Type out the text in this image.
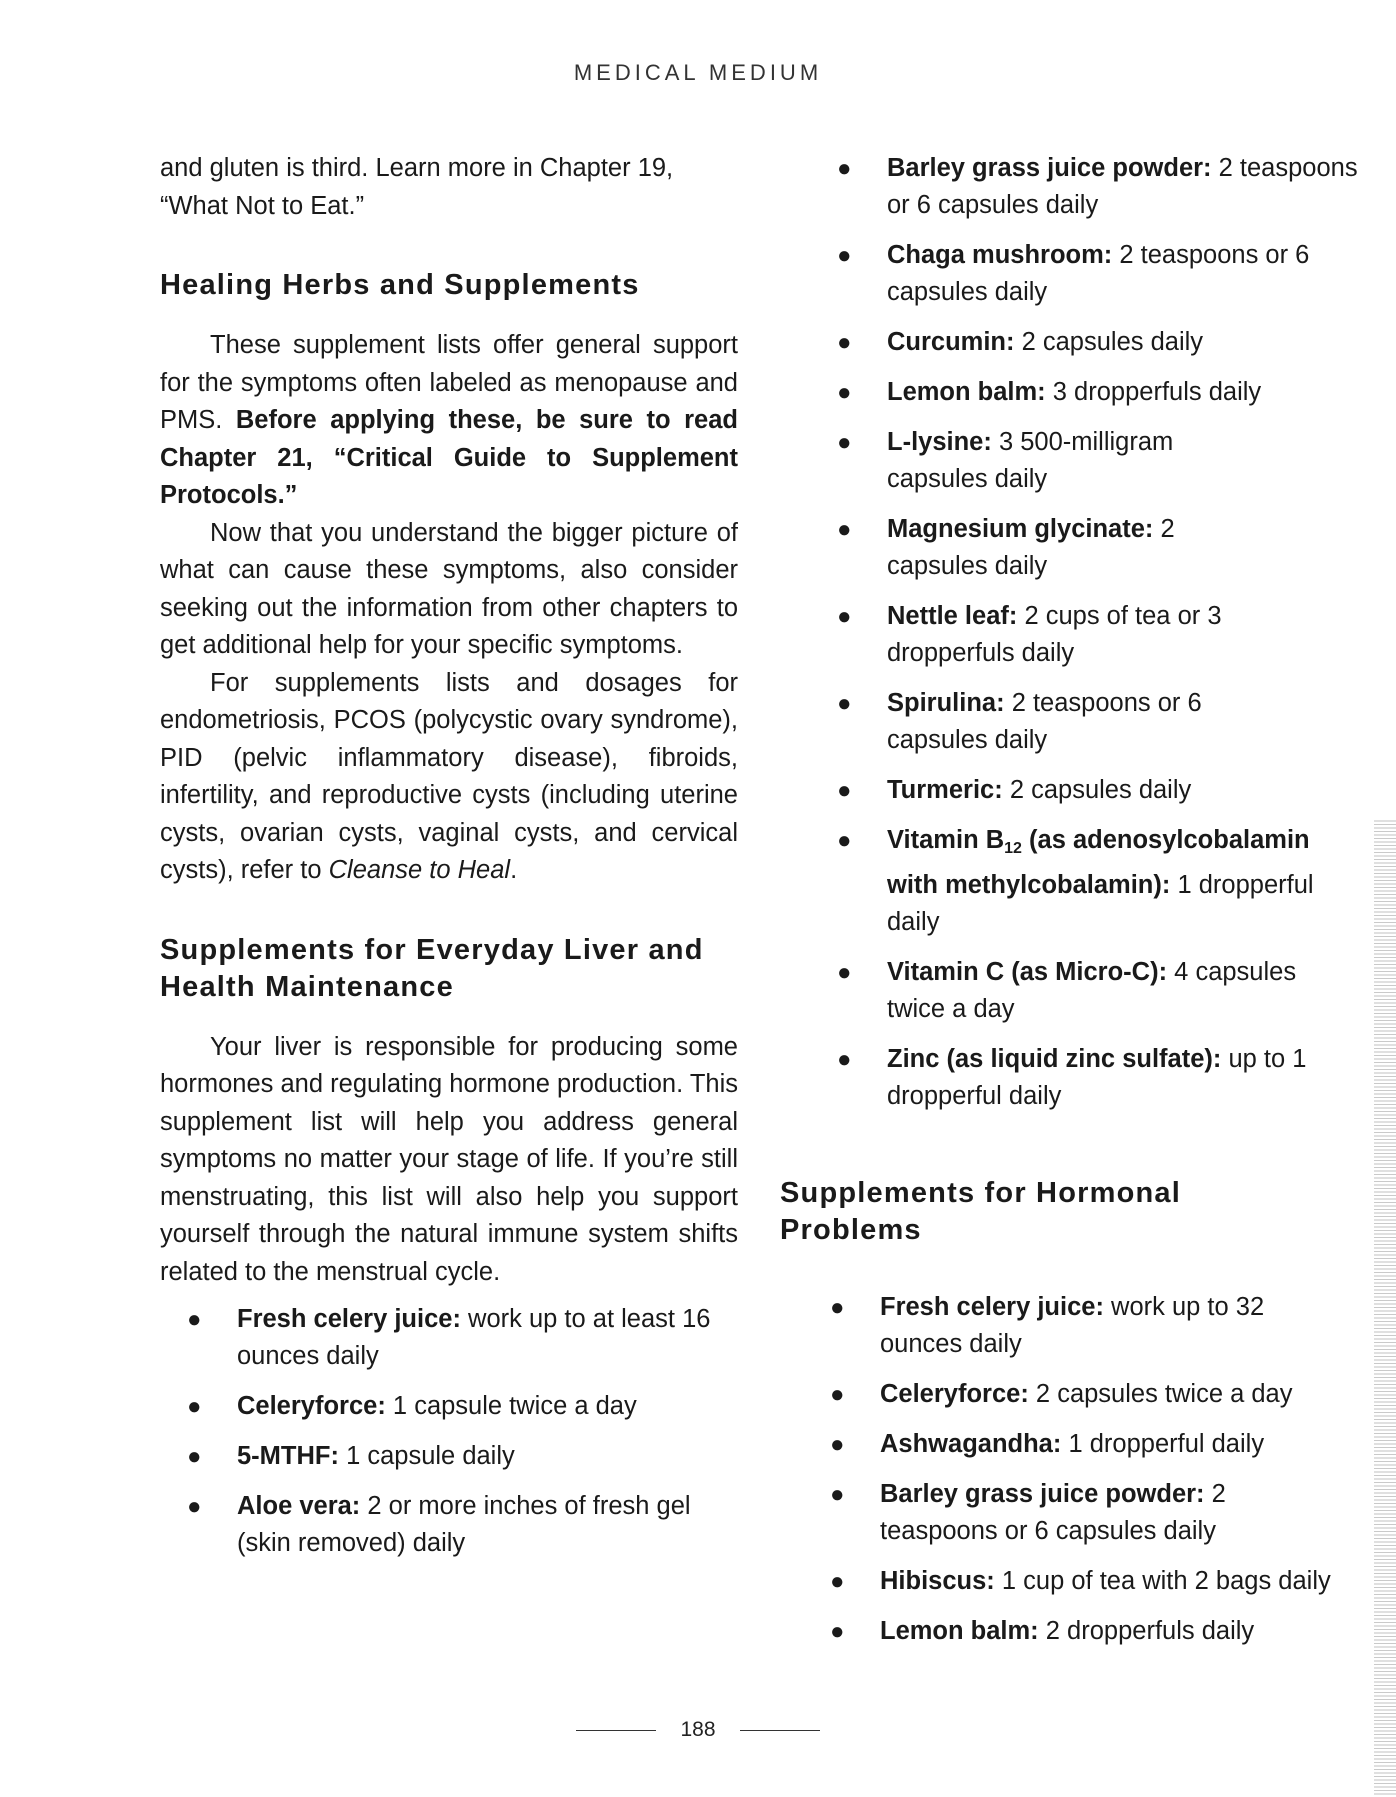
MEDICAL MEDIUM

and gluten is third. Learn more in Chapter 19, “What Not to Eat.”

Healing Herbs and Supplements

These supplement lists offer general support for the symptoms often labeled as menopause and PMS. Before applying these, be sure to read Chapter 21, “Critical Guide to Supplement Protocols.”

Now that you understand the bigger picture of what can cause these symptoms, also consider seeking out the information from other chapters to get additional help for your specific symptoms.

For supplements lists and dosages for endometriosis, PCOS (polycystic ovary syndrome), PID (pelvic inflammatory disease), fibroids, infertility, and reproductive cysts (including uterine cysts, ovarian cysts, vaginal cysts, and cervical cysts), refer to Cleanse to Heal.

Supplements for Everyday Liver and Health Maintenance

Your liver is responsible for producing some hormones and regulating hormone production. This supplement list will help you address general symptoms no matter your stage of life. If you’re still menstruating, this list will also help you support yourself through the natural immune system shifts related to the menstrual cycle.

● Fresh celery juice: work up to at least 16 ounces daily
● Celeryforce: 1 capsule twice a day
● 5-MTHF: 1 capsule daily
● Aloe vera: 2 or more inches of fresh gel (skin removed) daily
● Barley grass juice powder: 2 teaspoons or 6 capsules daily
● Chaga mushroom: 2 teaspoons or 6 capsules daily
● Curcumin: 2 capsules daily
● Lemon balm: 3 dropperfuls daily
● L-lysine: 3 500-milligram capsules daily
● Magnesium glycinate: 2 capsules daily
● Nettle leaf: 2 cups of tea or 3 dropperfuls daily
● Spirulina: 2 teaspoons or 6 capsules daily
● Turmeric: 2 capsules daily
● Vitamin $B_{12}$ (as adenosylcobalamin with methylcobalamin): 1 dropperful daily
● Vitamin C (as Micro-C): 4 capsules twice a day
● Zinc (as liquid zinc sulfate): up to 1 dropperful daily
Supplements for Hormonal Problems
● Fresh celery juice: work up to 32 ounces daily
● Celeryforce: 2 capsules twice a day
● Ashwagandha: 1 dropperful daily
● Barley grass juice powder: 2 teaspoons or 6 capsules daily
● Hibiscus: 1 cup of tea with 2 bags daily
● Lemon balm: 2 dropperfuls daily
188
